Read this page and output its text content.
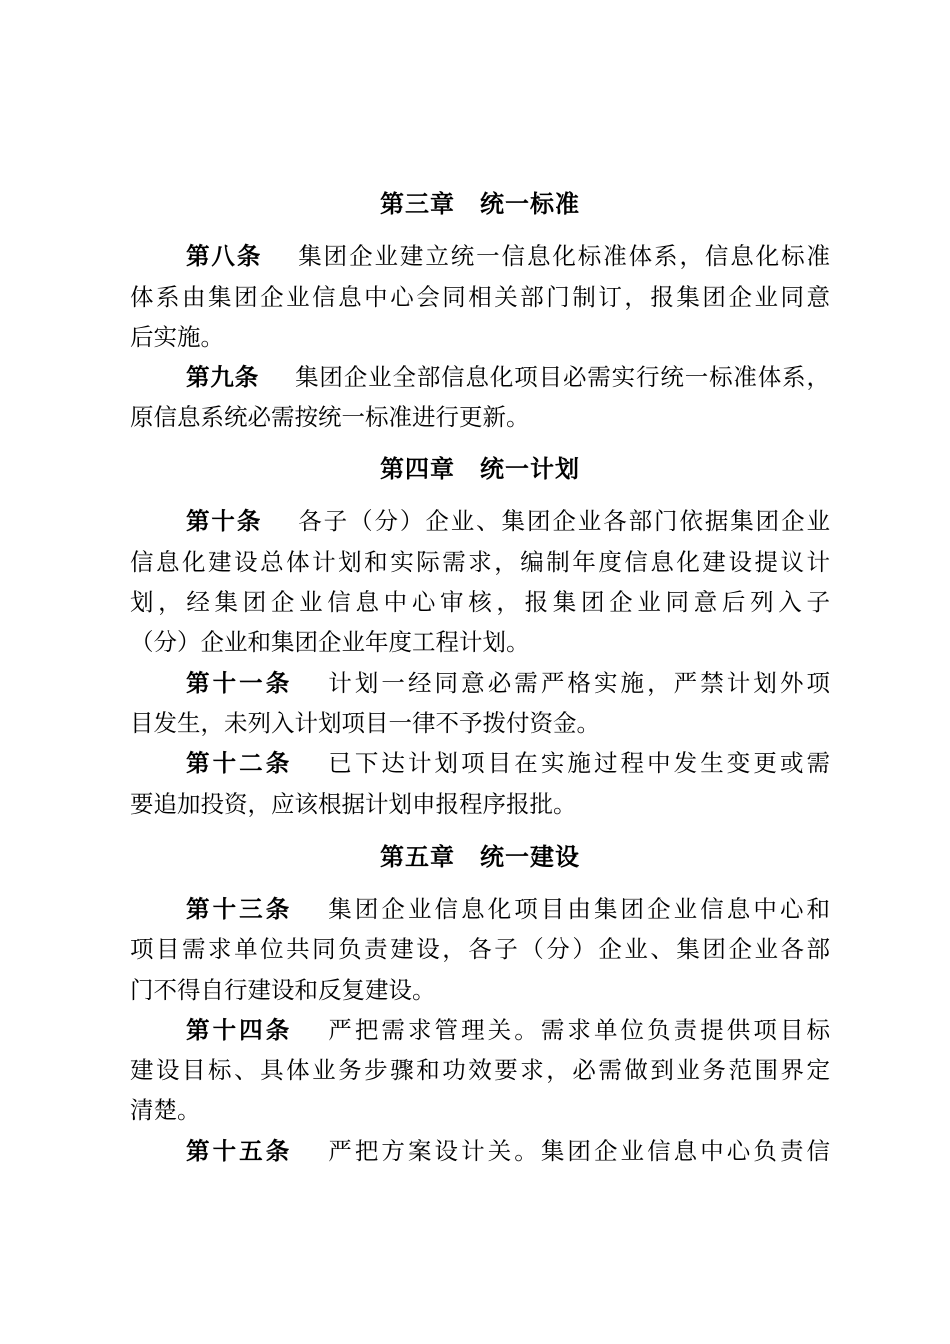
第三章　统一标准
第八条 集团企业建立统一信息化标准体系，信息化标准
体系由集团企业信息中心会同相关部门制订，报集团企业同意
后实施。
第九条 集团企业全部信息化项目必需实行统一标准体系，
原信息系统必需按统一标准进行更新。
第四章　统一计划
第十条 各子（分）企业、集团企业各部门依据集团企业
信息化建设总体计划和实际需求，编制年度信息化建设提议计
划，经集团企业信息中心审核，报集团企业同意后列入子
（分）企业和集团企业年度工程计划。
第十一条 计划一经同意必需严格实施，严禁计划外项
目发生，未列入计划项目一律不予拨付资金。
第十二条 已下达计划项目在实施过程中发生变更或需
要追加投资，应该根据计划申报程序报批。
第五章　统一建设
第十三条 集团企业信息化项目由集团企业信息中心和
项目需求单位共同负责建设，各子（分）企业、集团企业各部
门不得自行建设和反复建设。
第十四条 严把需求管理关。需求单位负责提供项目标
建设目标、具体业务步骤和功效要求，必需做到业务范围界定
清楚。
第十五条 严把方案设计关。集团企业信息中心负责信
